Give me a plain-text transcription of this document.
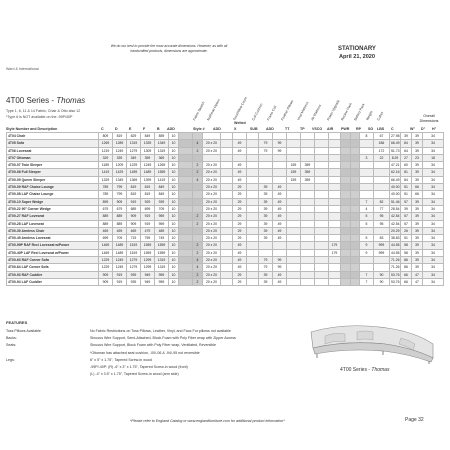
Ward & International
We do our best to provide the most accurate dimensions. However, as with all handcrafted products, dimensions are approximate.	STATIONARY
April 21, 2020
4T00 Series - Thomas
Type 1, 6, 11 & 14 Fabric; Chair & Otto also 12
*Type 6 is NOT available on the -99P/40P	Fabric Swatch Nailhead Option	Toss/Pillow Count Coil Cushion Frame Coil Feather Pillows Vinyl Mattress Air Mattress Power Upgrade Recline Pack Battery Pack Weight Cubes	Overall Dimensions
Style Number and Description	C	D	E	F	B ADD	Style # ADD
Welted
X	SUB ADD	TT	TP VSCO AIR PWR RP SG LBS C	W" D" H"
4T04 Chair	809	819	829	849	859	10															8	67	27.98	39	39	34
4T05 Sofa	1269	1289	1319	1339	1349	10		4	20 x 20		49		79	99								186	66.49	84	39	34
4T06 Loveseat	1219	1249	1279	1309	1319	10		2	20 x 20		49		79	99								172	51.73	64	39	34
4T07 Ottoman	329	339	349	359	369	10															3	22	8.29	27	23	18
4T00-07 Twin Sleeper	1189	1209	1229	1249	1269	10		2	20 x 20		49				159	359							47.21	60	39	34
4T00-08 Full Sleeper	1419	1429	1459	1489	1559	10		2	20 x 20		49				159	359							62.16	81	39	34
4T00-09 Queen Sleeper	1329	1349	1369	1399	1419	10		4	20 x 20		49				159	359							66.49	84	39	34
4T00-09 RAF Chaise Lounge	789	799	819	819	849	10			20 x 20		29		39	49									40.00	51	66	34
4T00-08 LAF Chaise Lounge	789	799	819	819	849	10			20 x 20		29		39	49									40.00	51	66	34
4T00-10 Super Wedge	899	909	919	929	939	10			20 x 20		29		39	49							7	82	51.46	57	39	34
4T00-22 90° Corner Wedge	679	679	689	699	709	10			20 x 20		29		39	49							4	77	28.54	39	39	34
4T00-27 RAF Loveseat	889	889	909	919	959	10		2	20 x 20		29		39	49							5	95	42.54	57	39	34
4T00-28 LAF Loveseat	889	889	909	919	959	10		2	20 x 20		29		39	49							5	95	42.54	57	39	34
4T00-39 Armless Chair	469	459	469	479	489	10			20 x 20		29		39	49									20.29	26	39	34
4T00-49 Armless Loveseat	699	709	719	759	749	10			20 x 20		29		39	49							5	83	38.83	51	39	34
4T00-99P RAF Recl Loveseat w/Power	1469	1489	1519	1559	1559	10		2	20 x 20		49							179			9	999	44.55	58	39	34
4T00-40P LAF Recl Loveseat w/Power	1469	1489	1519	1559	1559	10		2	20 x 20		49							179			9	999	44.55	58	39	34
4T00-63 RAF Corner Sofa	1229	1249	1279	1299	1319	10		4	20 x 20		49		79	99									71.26	86	39	34
4T00-64 LAF Corner Sofa	1229	1249	1279	1299	1319	10		4	20 x 20		49		79	99									71.26	86	39	34
4T00-93 RAF Cuddler	909	919	939	949	959	10		2	20 x 20		29		39	49							7	90	53.76	66	47	34
4T00-94 LAF Cuddler	909	919	939	949	959	10		2	20 x 20		29		39	49							7	90	53.76	66	47	34
FEATURES
Toss Pillows Available	No Fabric Restrictions on Toss Pillows, Leather, Vinyl, and Faux Fur pillows not available
Backs:	Sinuous Wire Support, Semi-Attached, Block Foam with Poly Fiber wrap with Zipper Access
Seats:	Sinuous Wire Support, Block Foam with Poly Fiber wrap, Ventilated, Reversible
*Ottoman has attached seat cushion, -00/-06 & -94/-95 not reversible
Legs:	6" x 5" x 1.75", Tapered Screw-in wood
-99P/-40P: (R) -6" x 3" x 1.75", Tapered Screw-in wood (front)
(L) -4" x 3.5" x 1.75", Tapered Screw-in wood (arm side)
4T00 Series - Thomas
*Please refer to England Catalog or www.englandfurniture.com for additional product information*	Page 32
